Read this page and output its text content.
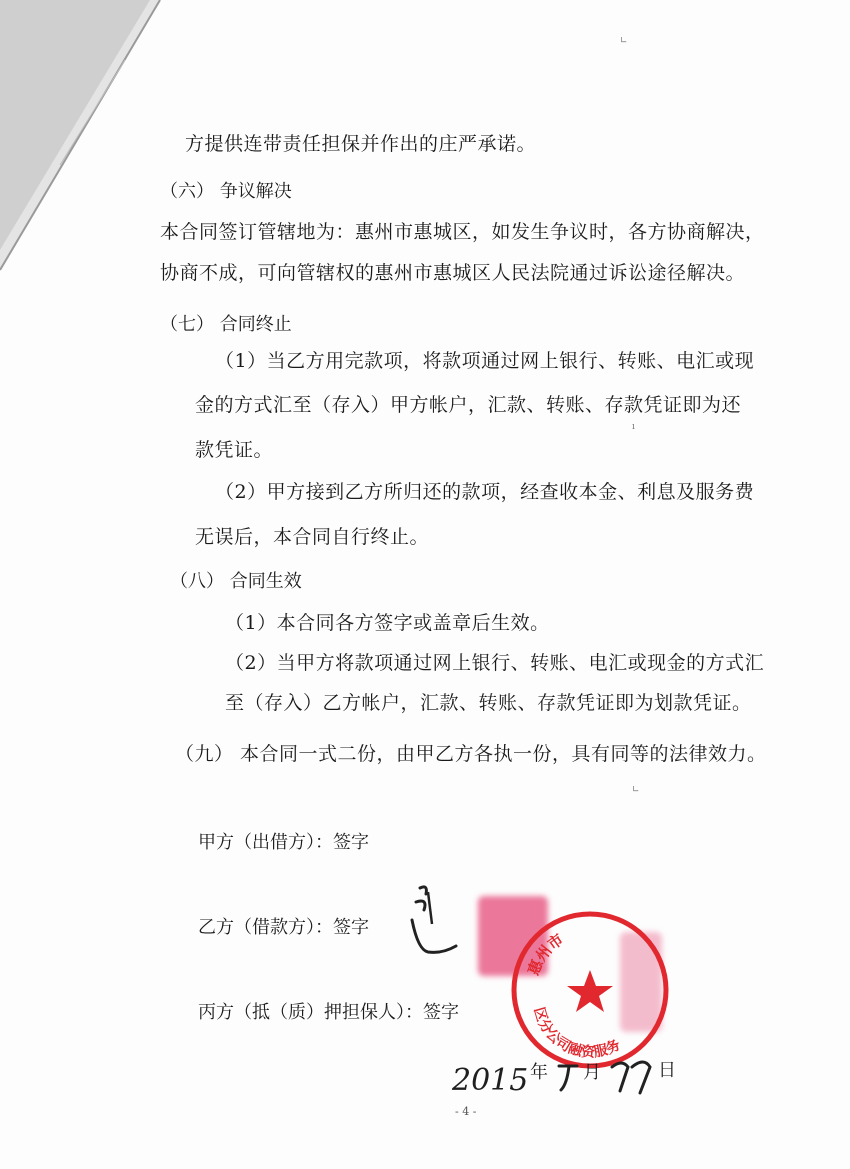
∟
方提供连带责任担保并作出的庄严承诺。
（六） 争议解决
本合同签订管辖地为：惠州市惠城区，如发生争议时，各方协商解决，
协商不成，可向管辖权的惠州市惠城区人民法院通过诉讼途径解决。
（七） 合同终止
（1）当乙方用完款项，将款项通过网上银行、转账、电汇或现
金的方式汇至（存入）甲方帐户，汇款、转账、存款凭证即为还
款凭证。
（2）甲方接到乙方所归还的款项，经查收本金、利息及服务费
无误后，本合同自行终止。
（八） 合同生效
（1）本合同各方签字或盖章后生效。
（2）当甲方将款项通过网上银行、转账、电汇或现金的方式汇
至（存入）乙方帐户，汇款、转账、存款凭证即为划款凭证。
（九） 本合同一式二份，由甲乙方各执一份，具有同等的法律效力。
ı
∟
甲方（出借方）：签字
乙方（借款方）：签字
丙方（抵（质）押担保人）：签字
惠州市
区分公司融资服务
2015 年 月	日
- 4 -
